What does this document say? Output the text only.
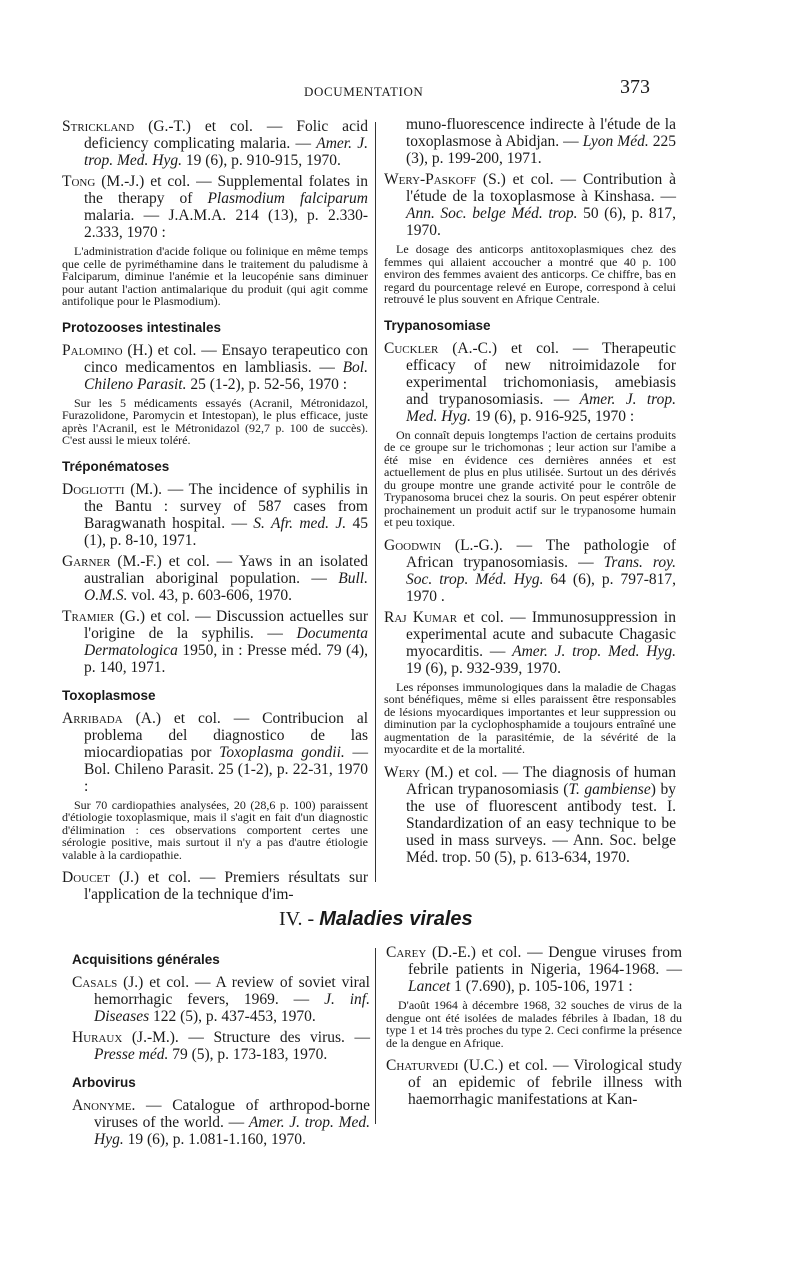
DOCUMENTATION	373
Strickland (G.-T.) et col. — Folic acid deficiency complicating malaria. — Amer. J. trop. Med. Hyg. 19 (6), p. 910-915, 1970.
Tong (M.-J.) et col. — Supplemental folates in the therapy of Plasmodium falciparum malaria. — J.A.M.A. 214 (13), p. 2.330-2.333, 1970 :
L'administration d'acide folique ou folinique en même temps que celle de pyriméthamine dans le traitement du paludisme à Falciparum, diminue l'anémie et la leucopénie sans diminuer pour autant l'action antimalarique du produit (qui agit comme antifolique pour le Plasmodium).
Protozooses intestinales
Palomino (H.) et col. — Ensayo terapeutico con cinco medicamentos en lambliasis. — Bol. Chileno Parasit. 25 (1-2), p. 52-56, 1970 :
Sur les 5 médicaments essayés (Acranil, Métronidazol, Furazolidone, Paromycin et Intestopan), le plus efficace, juste après l'Acranil, est le Métronidazol (92,7 p. 100 de succès). C'est aussi le mieux toléré.
Tréponématoses
Dogliotti (M.). — The incidence of syphilis in the Bantu : survey of 587 cases from Baragwanath hospital. — S. Afr. med. J. 45 (1), p. 8-10, 1971.
Garner (M.-F.) et col. — Yaws in an isolated australian aboriginal population. — Bull. O.M.S. vol. 43, p. 603-606, 1970.
Tramier (G.) et col. — Discussion actuelles sur l'origine de la syphilis. — Documenta Dermatologica 1950, in : Presse méd. 79 (4), p. 140, 1971.
Toxoplasmose
Arribada (A.) et col. — Contribucion al problema del diagnostico de las miocardiopatias por Toxoplasma gondii. — Bol. Chileno Parasit. 25 (1-2), p. 22-31, 1970 :
Sur 70 cardiopathies analysées, 20 (28,6 p. 100) paraissent d'étiologie toxoplasmique, mais il s'agit en fait d'un diagnostic d'élimination : ces observations comportent certes une sérologie positive, mais surtout il n'y a pas d'autre étiologie valable à la cardiopathie.
Doucet (J.) et col. — Premiers résultats sur l'application de la technique d'im-
muno-fluorescence indirecte à l'étude de la toxoplasmose à Abidjan. — Lyon Méd. 225 (3), p. 199-200, 1971.
Wery-Paskoff (S.) et col. — Contribution à l'étude de la toxoplasmose à Kinshasa. — Ann. Soc. belge Méd. trop. 50 (6), p. 817, 1970.
Le dosage des anticorps antitoxoplasmiques chez des femmes qui allaient accoucher a montré que 40 p. 100 environ des femmes avaient des anticorps. Ce chiffre, bas en regard du pourcentage relevé en Europe, correspond à celui retrouvé le plus souvent en Afrique Centrale.
Trypanosomiase
Cuckler (A.-C.) et col. — Therapeutic efficacy of new nitroimidazole for experimental trichomoniasis, amebiasis and trypanosomiasis. — Amer. J. trop. Med. Hyg. 19 (6), p. 916-925, 1970 :
On connaît depuis longtemps l'action de certains produits de ce groupe sur le trichomonas ; leur action sur l'amibe a été mise en évidence ces dernières années et est actuellement de plus en plus utilisée. Surtout un des dérivés du groupe montre une grande activité pour le contrôle de Trypanosoma brucei chez la souris. On peut espérer obtenir prochainement un produit actif sur le trypanosome humain et peu toxique.
Goodwin (L.-G.). — The pathologie of African trypanosomiasis. — Trans. roy. Soc. trop. Méd. Hyg. 64 (6), p. 797-817, 1970 .
Raj Kumar et col. — Immunosuppression in experimental acute and subacute Chagasic myocarditis. — Amer. J. trop. Med. Hyg. 19 (6), p. 932-939, 1970.
Les réponses immunologiques dans la maladie de Chagas sont bénéfiques, même si elles paraissent être responsables de lésions myocardiques importantes et leur suppression ou diminution par la cyclophosphamide a toujours entraîné une augmentation de la parasitémie, de la sévérité de la myocardite et de la mortalité.
Wery (M.) et col. — The diagnosis of human African trypanosomiasis (T. gambiense) by the use of fluorescent antibody test. I. Standardization of an easy technique to be used in mass surveys. — Ann. Soc. belge Méd. trop. 50 (5), p. 613-634, 1970.
IV. - Maladies virales
Acquisitions générales
Casals (J.) et col. — A review of soviet viral hemorrhagic fevers, 1969. — J. inf. Diseases 122 (5), p. 437-453, 1970.
Huraux (J.-M.). — Structure des virus. — Presse méd. 79 (5), p. 173-183, 1970.
Arbovirus
Anonyme. — Catalogue of arthropod-borne viruses of the world. — Amer. J. trop. Med. Hyg. 19 (6), p. 1.081-1.160, 1970.
Carey (D.-E.) et col. — Dengue viruses from febrile patients in Nigeria, 1964-1968. — Lancet 1 (7.690), p. 105-106, 1971 :
D'août 1964 à décembre 1968, 32 souches de virus de la dengue ont été isolées de malades fébriles à Ibadan, 18 du type 1 et 14 très proches du type 2. Ceci confirme la présence de la dengue en Afrique.
Chaturvedi (U.C.) et col. — Virological study of an epidemic of febrile illness with haemorrhagic manifestations at Kan-
